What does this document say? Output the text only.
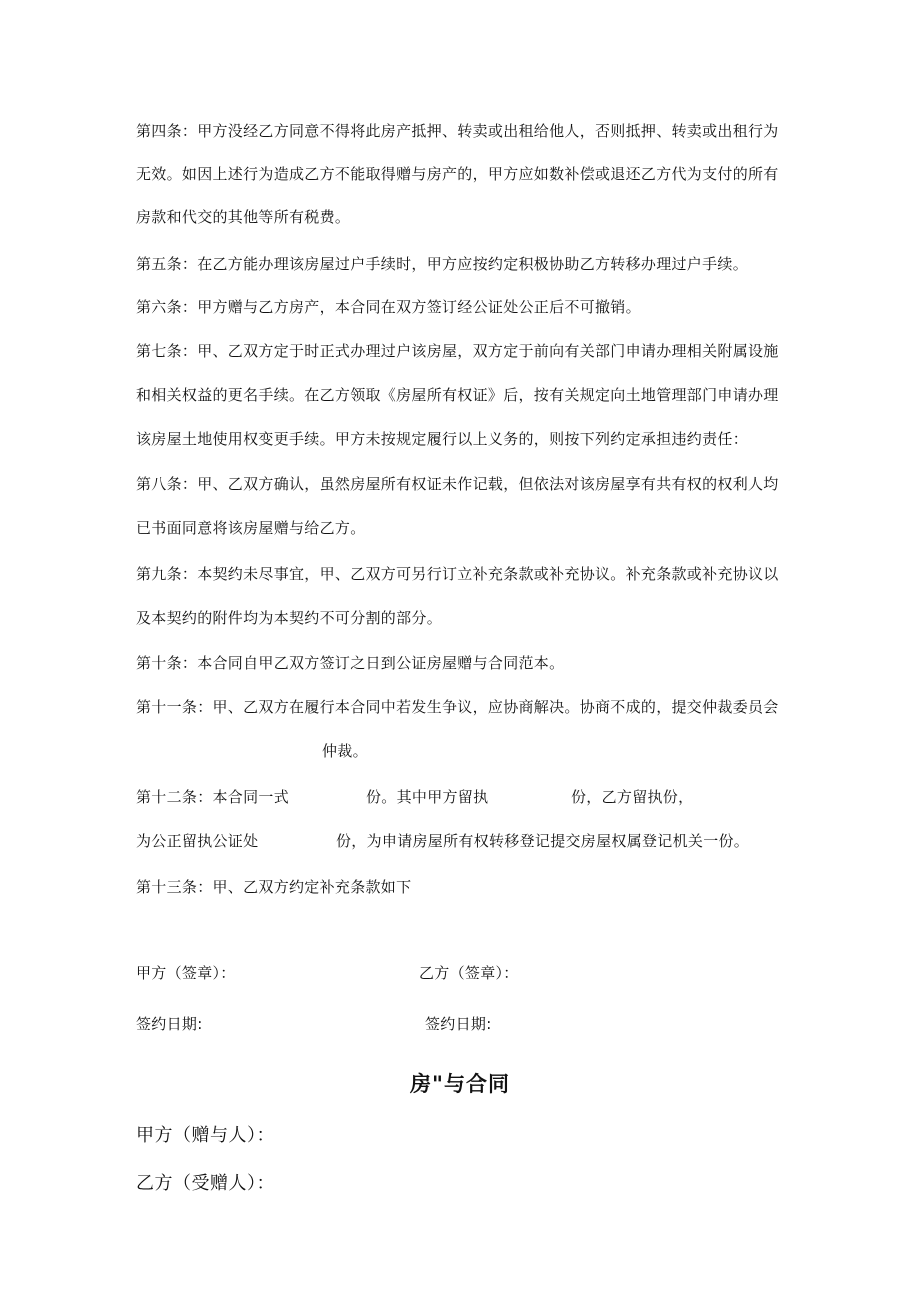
第四条：甲方没经乙方同意不得将此房产抵押、转卖或出租给他人，否则抵押、转卖或出租行为
无效。如因上述行为造成乙方不能取得赠与房产的，甲方应如数补偿或退还乙方代为支付的所有
房款和代交的其他等所有税费。
第五条：在乙方能办理该房屋过户手续时，甲方应按约定积极协助乙方转移办理过户手续。
第六条：甲方赠与乙方房产，本合同在双方签订经公证处公正后不可撤销。
第七条：甲、乙双方定于时正式办理过户该房屋，双方定于前向有关部门申请办理相关附属设施
和相关权益的更名手续。在乙方领取《房屋所有权证》后，按有关规定向土地管理部门申请办理
该房屋土地使用权变更手续。甲方未按规定履行以上义务的，则按下列约定承担违约责任：
第八条：甲、乙双方确认，虽然房屋所有权证未作记载，但依法对该房屋享有共有权的权利人均
已书面同意将该房屋赠与给乙方。
第九条：本契约未尽事宜，甲、乙双方可另行订立补充条款或补充协议。补充条款或补充协议以
及本契约的附件均为本契约不可分割的部分。
第十条：本合同自甲乙双方签订之日到公证房屋赠与合同范本。
第十一条：甲、乙双方在履行本合同中若发生争议，应协商解决。协商不成的，提交仲裁委员会
仲裁。
第十二条：本合同一式	份。其中甲方留执	份，乙方留执份，
为公正留执公证处	份，为申请房屋所有权转移登记提交房屋权属登记机关一份。
第十三条：甲、乙双方约定补充条款如下
甲方（签章）：	乙方（签章）：
签约日期:	签约日期:
房"与合同
甲方（赠与人）：
乙方（受赠人）：
